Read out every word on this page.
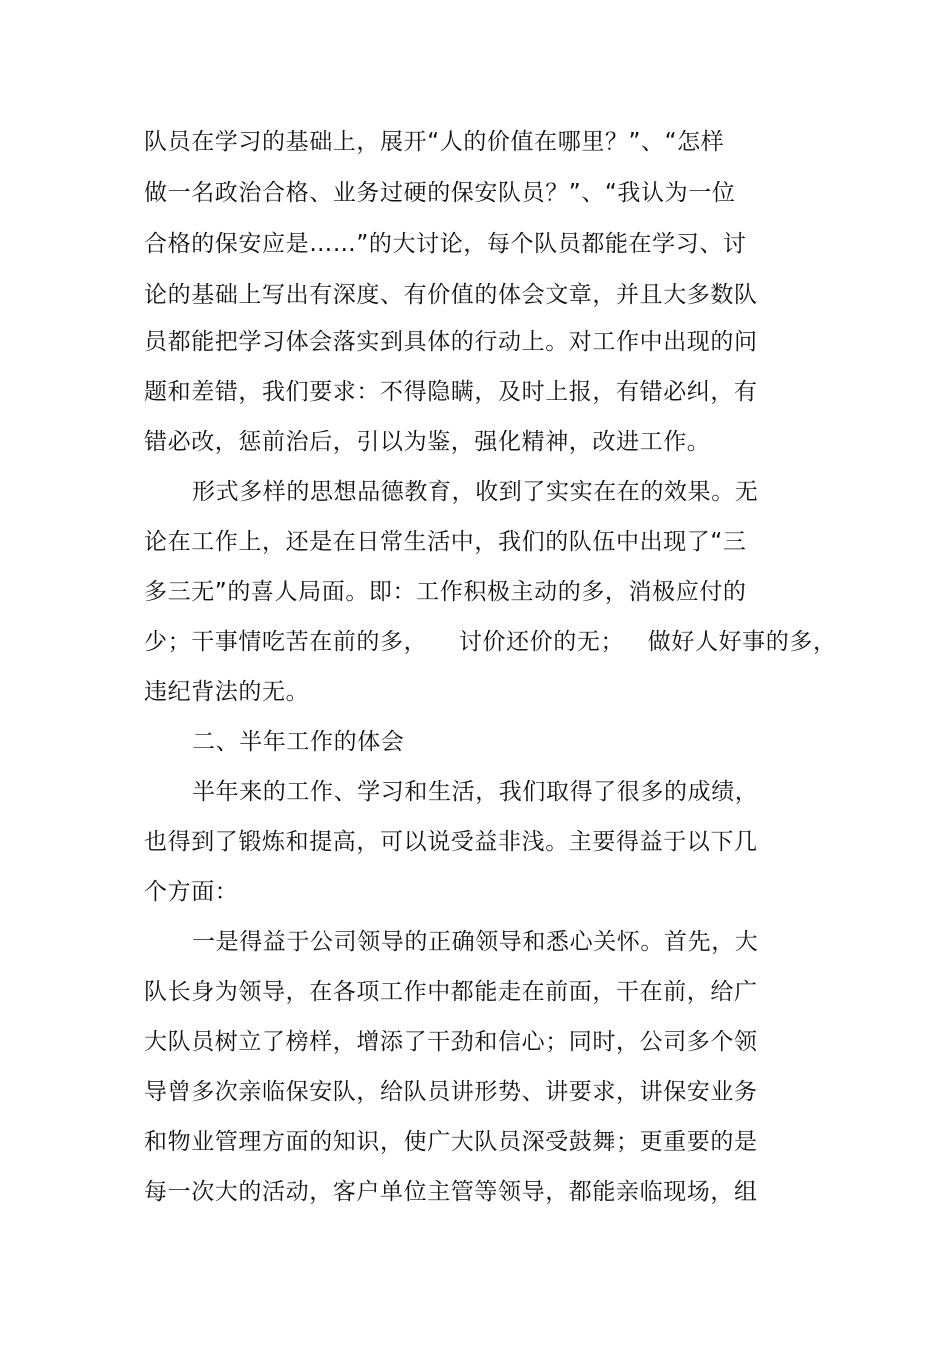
队员在学习的基础上，展开“人的价值在哪里？”、“怎样
做一名政治合格、业务过硬的保安队员？”、“我认为一位
合格的保安应是……”的大讨论，每个队员都能在学习、讨
论的基础上写出有深度、有价值的体会文章，并且大多数队
员都能把学习体会落实到具体的行动上。对工作中出现的问
题和差错，我们要求：不得隐瞒，及时上报，有错必纠，有
错必改，惩前治后，引以为鉴，强化精神，改进工作。
形式多样的思想品德教育，收到了实实在在的效果。无
论在工作上，还是在日常生活中，我们的队伍中出现了“三
多三无”的喜人局面。即：工作积极主动的多，消极应付的
少；干事情吃苦在前的多，    讨价还价的无；   做好人好事的多，
违纪背法的无。
二、半年工作的体会
半年来的工作、学习和生活，我们取得了很多的成绩，
也得到了锻炼和提高，可以说受益非浅。主要得益于以下几
个方面：
一是得益于公司领导的正确领导和悉心关怀。首先，大
队长身为领导，在各项工作中都能走在前面，干在前，给广
大队员树立了榜样，增添了干劲和信心；同时，公司多个领
导曾多次亲临保安队，给队员讲形势、讲要求，讲保安业务
和物业管理方面的知识，使广大队员深受鼓舞；更重要的是
每一次大的活动，客户单位主管等领导，都能亲临现场，组
